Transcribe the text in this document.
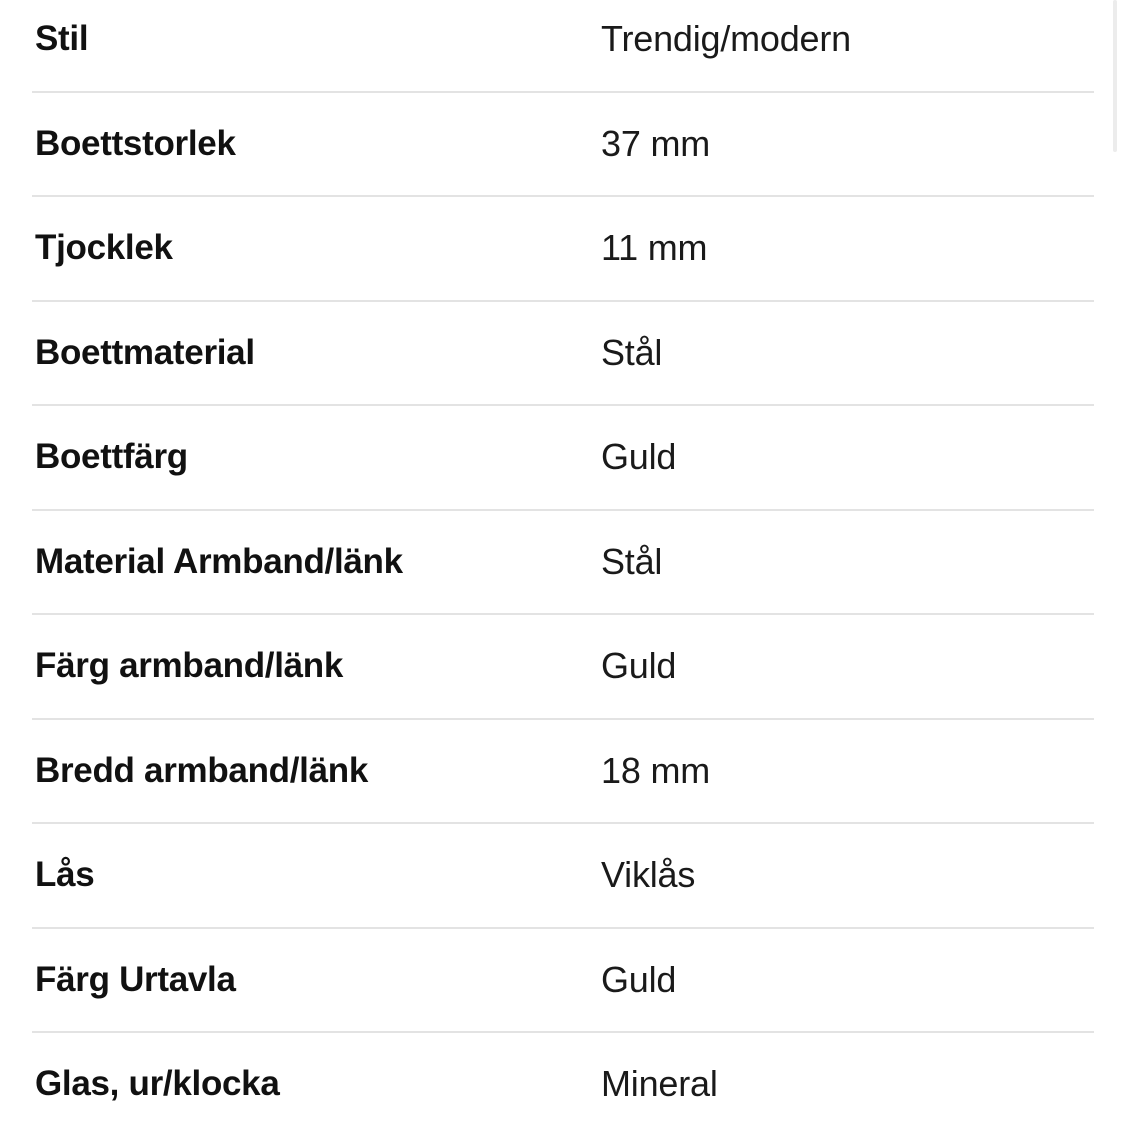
Stil	Trendig/modern
Boettstorlek	37 mm
Tjocklek	11 mm
Boettmaterial	Stål
Boettfärg	Guld
Material Armband/länk	Stål
Färg armband/länk	Guld
Bredd armband/länk	18 mm
Lås	Viklås
Färg Urtavla	Guld
Glas, ur/klocka	Mineral
